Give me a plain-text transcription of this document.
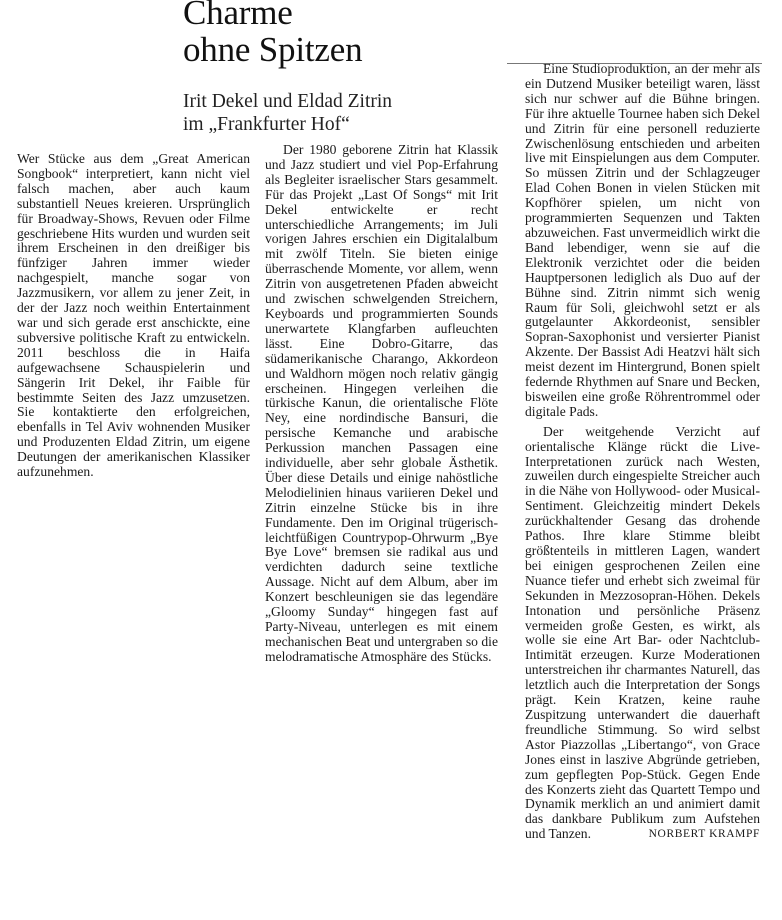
Charme
ohne Spitzen
Irit Dekel und Eldad Zitrin
im „Frankfurter Hof“

Wer Stücke aus dem „Great American Songbook“ interpretiert, kann nicht viel falsch machen, aber auch kaum substantiell Neues kreieren. Ursprünglich für Broadway-Shows, Revuen oder Filme geschriebene Hits wurden und wurden seit ihrem Erscheinen in den dreißiger bis fünfziger Jahren immer wieder nachgespielt, manche sogar von Jazzmusikern, vor allem zu jener Zeit, in der der Jazz noch weithin Entertainment war und sich gerade erst anschickte, eine subversive politische Kraft zu entwickeln. 2011 beschloss die in Haifa aufgewachsene Schauspielerin und Sängerin Irit Dekel, ihr Faible für bestimmte Seiten des Jazz umzusetzen. Sie kontaktierte den erfolgreichen, ebenfalls in Tel Aviv wohnenden Musiker und Produzenten Eldad Zitrin, um eigene Deutungen der amerikanischen Klassiker aufzunehmen.

Der 1980 geborene Zitrin hat Klassik und Jazz studiert und viel Pop-Erfahrung als Begleiter israelischer Stars gesammelt. Für das Projekt „Last Of Songs“ mit Irit Dekel entwickelte er recht unterschiedliche Arrangements; im Juli vorigen Jahres erschien ein Digitalalbum mit zwölf Titeln. Sie bieten einige überraschende Momente, vor allem, wenn Zitrin von ausgetretenen Pfaden abweicht und zwischen schwelgenden Streichern, Keyboards und programmierten Sounds unerwartete Klangfarben aufleuchten lässt. Eine Dobro-Gitarre, das südamerikanische Charango, Akkordeon und Waldhorn mögen noch relativ gängig erscheinen. Hingegen verleihen die türkische Kanun, die orientalische Flöte Ney, eine nordindische Bansuri, die persische Kemanche und arabische Perkussion manchen Passagen eine individuelle, aber sehr globale Ästhetik. Über diese Details und einige nahöstliche Melodielinien hinaus variieren Dekel und Zitrin einzelne Stücke bis in ihre Fundamente. Den im Original trügerisch-leichtfüßigen Countrypop-Ohrwurm „Bye Bye Love“ bremsen sie radikal aus und verdichten dadurch seine textliche Aussage. Nicht auf dem Album, aber im Konzert beschleunigen sie das legendäre „Gloomy Sunday“ hingegen fast auf Party-Niveau, unterlegen es mit einem mechanischen Beat und untergraben so die melodramatische Atmosphäre des Stücks.

Eine Studioproduktion, an der mehr als ein Dutzend Musiker beteiligt waren, lässt sich nur schwer auf die Bühne bringen. Für ihre aktuelle Tournee haben sich Dekel und Zitrin für eine personell reduzierte Zwischenlösung entschieden und arbeiten live mit Einspielungen aus dem Computer. So müssen Zitrin und der Schlagzeuger Elad Cohen Bonen in vielen Stücken mit Kopfhörer spielen, um nicht von programmierten Sequenzen und Takten abzuweichen. Fast unvermeidlich wirkt die Band lebendiger, wenn sie auf die Elektronik verzichtet oder die beiden Hauptpersonen lediglich als Duo auf der Bühne sind. Zitrin nimmt sich wenig Raum für Soli, gleichwohl setzt er als gutgelaunter Akkordeonist, sensibler Sopran-Saxophonist und versierter Pianist Akzente. Der Bassist Adi Heatzvi hält sich meist dezent im Hintergrund, Bonen spielt federnde Rhythmen auf Snare und Becken, bisweilen eine große Röhrentrommel oder digitale Pads.

Der weitgehende Verzicht auf orientalische Klänge rückt die Live-Interpretationen zurück nach Westen, zuweilen durch eingespielte Streicher auch in die Nähe von Hollywood- oder Musical-Sentiment. Gleichzeitig mindert Dekels zurückhaltender Gesang das drohende Pathos. Ihre klare Stimme bleibt größtenteils in mittleren Lagen, wandert bei einigen gesprochenen Zeilen eine Nuance tiefer und erhebt sich zweimal für Sekunden in Mezzosopran-Höhen. Dekels Intonation und persönliche Präsenz vermeiden große Gesten, es wirkt, als wolle sie eine Art Bar- oder Nachtclub-Intimität erzeugen. Kurze Moderationen unterstreichen ihr charmantes Naturell, das letztlich auch die Interpretation der Songs prägt. Kein Kratzen, keine rauhe Zuspitzung unterwandert die dauerhaft freundliche Stimmung. So wird selbst Astor Piazzollas „Libertango“, von Grace Jones einst in laszive Abgründe getrieben, zum gepflegten Pop-Stück. Gegen Ende des Konzerts zieht das Quartett Tempo und Dynamik merklich an und animiert damit das dankbare Publikum zum Aufstehen und Tanzen.	NORBERT KRAMPF
